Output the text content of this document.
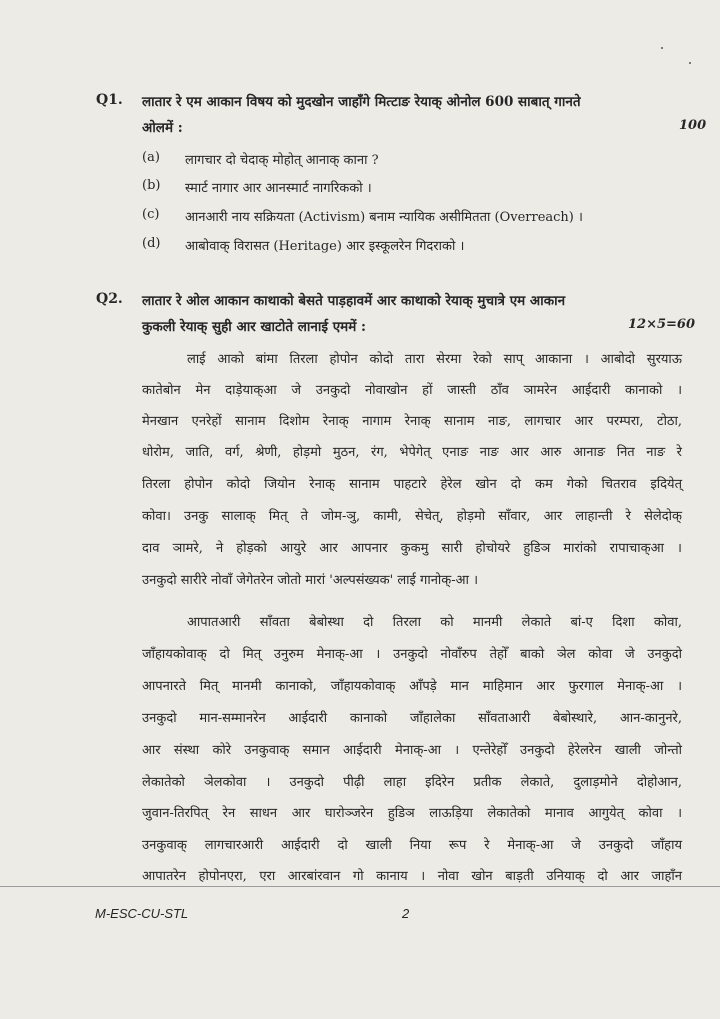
Q1. लातार रे एम आकान विषय को मुदखोन जाहाँगे मित्टाङ रेयाक् ओनोल 600 साबात् गानते
ओलमें :	100
(a) लागचार दो चेदाक् मोहोत् आनाक् काना ?
(b) स्मार्ट नागार आर आनस्मार्ट नागरिकको ।
(c) आनआरी नाय सक्रियता (Activism) बनाम न्यायिक असीमितता (Overreach) ।
(d) आबोवाक् विरासत (Heritage) आर इस्कूलरेन गिदराको ।
Q2. लातार रे ओल आकान काथाको बेसते पाड़हावमें आर काथाको रेयाक् मुचात्रे एम आकान
कुकली रेयाक् सुही आर खाटोते लानाई एममें :	12×5=60
लाई आको बांमा तिरला होपोन कोदो तारा सेरमा रेको साप् आकाना । आबोदो सुरयाऊ
कातेबोन मेन दाड़ेयाक्आ जे उनकुदो नोवाखोन हों जास्ती ठाँव ञामरेन आईदारी कानाको ।
मेनखान एनरेहों सानाम दिशोम रेनाक् नागाम रेनाक् सानाम नाङ, लागचार आर परम्परा, टोठा,
धोरोम, जाति, वर्ग, श्रेणी, होड़मो मुठन, रंग, भेपेगेत् एनाङ नाङ आर आरु आनाङ नित नाङ रे
तिरला होपोन कोदो जियोन रेनाक् सानाम पाहटारे हेरेल खोन दो कम गेको चितराव इदियेत्
कोवा। उनकु सालाक् मित् ते जोम-ञु, कामी, सेचेत्, होड़मो साँवार, आर लाहान्ती रे सेलेदोक्
दाव ञामरे, ने होड़को आयुरे आर आपनार कुकमु सारी होचोयरे हुडिञ मारांको रापाचाक्आ ।
उनकुदो सारीरे नोवाँ जेगेतरेन जोतो मारां 'अल्पसंख्यक' लाई गानोक्-आ ।
आपातआरी साँवता बेबोस्था दो तिरला को मानमी लेकाते बां-ए दिशा कोवा,
जाँहायकोवाक् दो मित् उनुरुम मेनाक्-आ । उनकुदो नोवाँरुप तेहोँ बाको ञेल कोवा जे उनकुदो
आपनारते मित् मानमी कानाको, जाँहायकोवाक् आँपड़े मान माहिमान आर फुरगाल मेनाक्-आ ।
उनकुदो मान-सम्मानरेन आईदारी कानाको जाँहालेका साँवताआरी बेबोस्थारे, आन-कानुनरे,
आर संस्था कोरे उनकुवाक् समान आईदारी मेनाक्-आ । एन्तेरेहोँ उनकुदो हेरेलरेन खाली जोन्तो
लेकातेको ञेलकोवा । उनकुदो पीढ़ी लाहा इदिरेन प्रतीक लेकाते, दुलाड़मोने दोहोआन,
जुवान-तिरपित् रेन साधन आर घारोञ्जरेन हुडिञ लाऊड़िया लेकातेको मानाव आगुयेत् कोवा ।
उनकुवाक् लागचारआरी आईदारी दो खाली निया रूप रे मेनाक्-आ जे उनकुदो जाँहाय
आपातरेन होपोनएरा, एरा आरबांरवान गो कानाय । नोवा खोन बाड़ती उनियाक् दो आर जाहाँन
M-ESC-CU-STL	2
